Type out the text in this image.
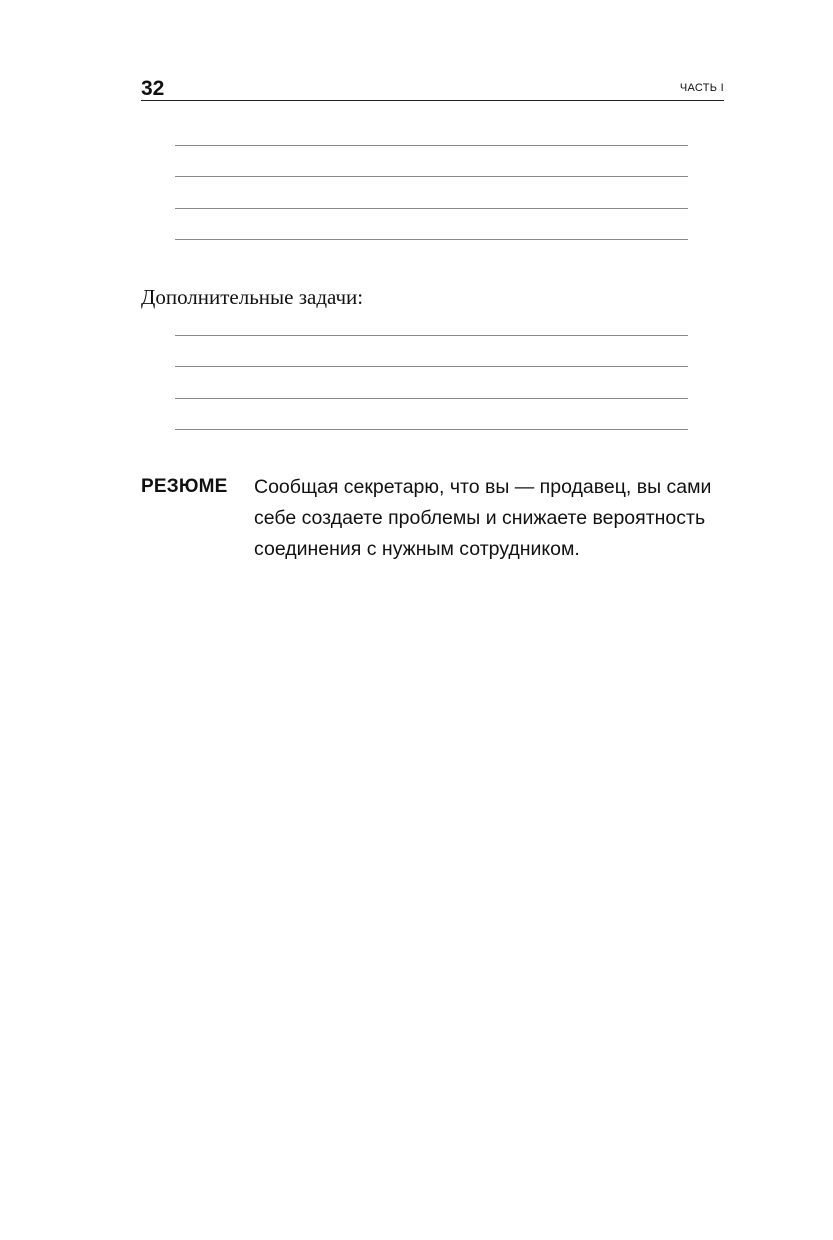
32	ЧАСТЬ I
Дополнительные задачи:
РЕЗЮМЕ Сообщая секретарю, что вы — продавец, вы сами
себе создаете проблемы и снижаете вероятность
соединения с нужным сотрудником.
